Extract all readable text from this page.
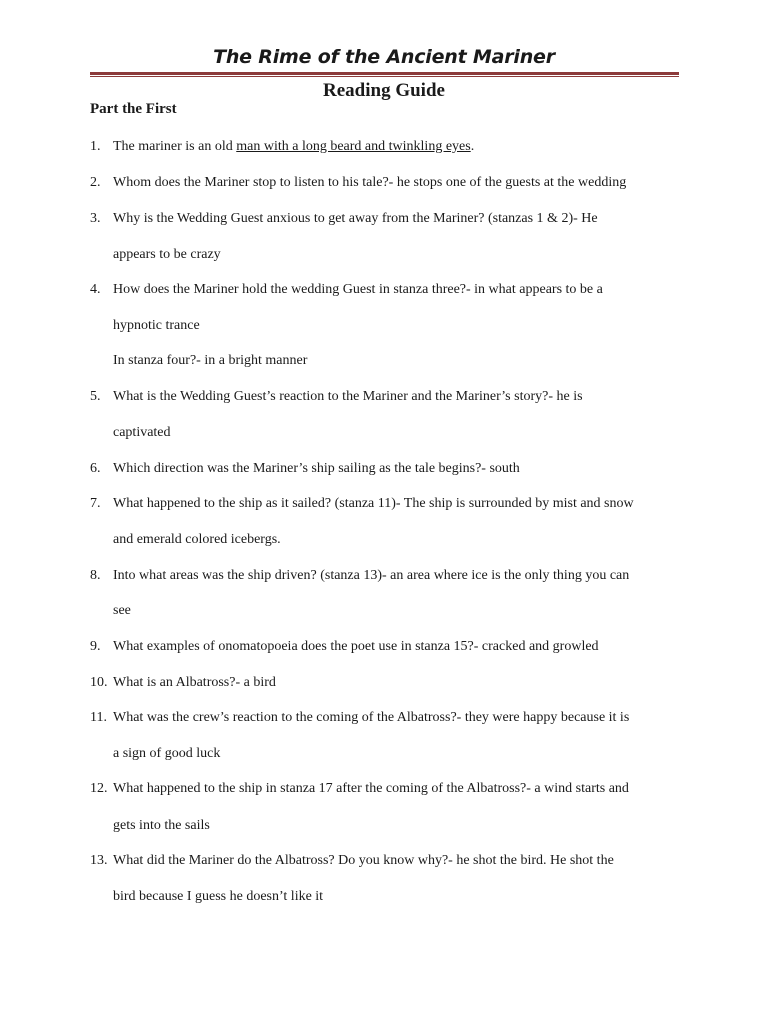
The Rime of the Ancient Mariner
Reading Guide
Part the First
1. The mariner is an old man with a long beard and twinkling eyes.
2. Whom does the Mariner stop to listen to his tale?- he stops one of the guests at the wedding
3. Why is the Wedding Guest anxious to get away from the Mariner? (stanzas 1 & 2)- He
appears to be crazy
4. How does the Mariner hold the wedding Guest in stanza three?- in what appears to be a
hypnotic trance
In stanza four?- in a bright manner
5. What is the Wedding Guest’s reaction to the Mariner and the Mariner’s story?- he is
captivated
6. Which direction was the Mariner’s ship sailing as the tale begins?- south
7. What happened to the ship as it sailed? (stanza 11)- The ship is surrounded by mist and snow
and emerald colored icebergs.
8. Into what areas was the ship driven? (stanza 13)- an area where ice is the only thing you can
see
9. What examples of onomatopoeia does the poet use in stanza 15?- cracked and growled
10. What is an Albatross?- a bird
11. What was the crew’s reaction to the coming of the Albatross?- they were happy because it is
a sign of good luck
12. What happened to the ship in stanza 17 after the coming of the Albatross?- a wind starts and
gets into the sails
13. What did the Mariner do the Albatross? Do you know why?- he shot the bird. He shot the
bird because I guess he doesn’t like it
